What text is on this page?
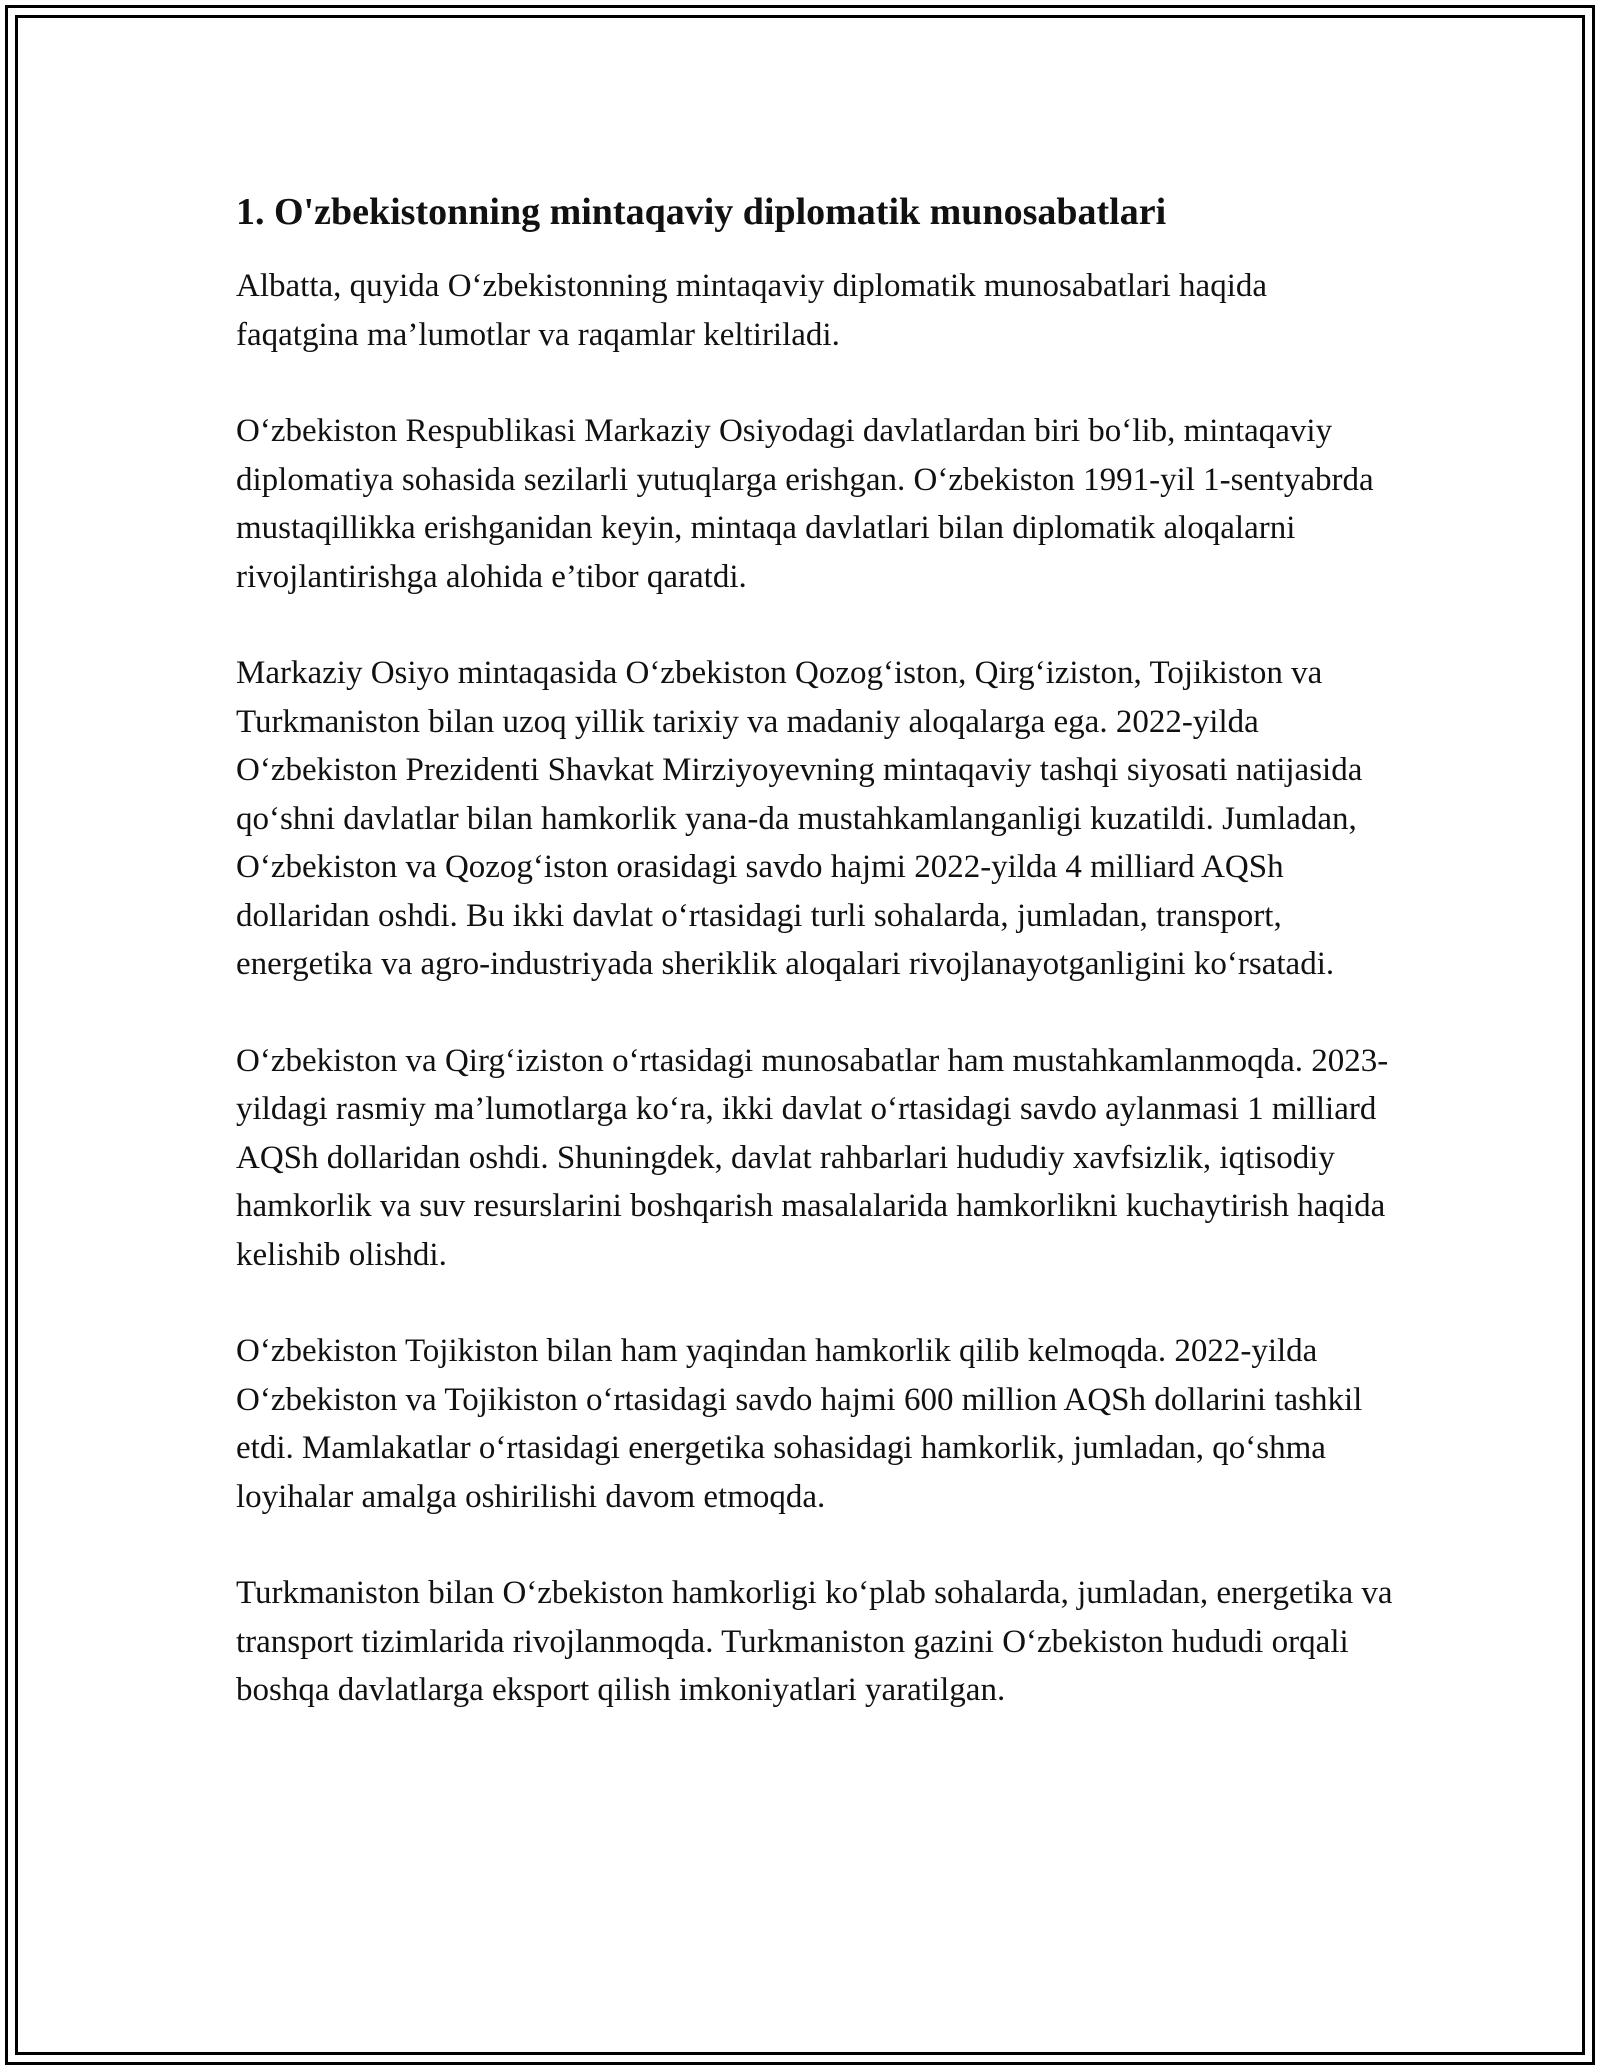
1. O'zbekistonning mintaqaviy diplomatik munosabatlari

Albatta, quyida O‘zbekistonning mintaqaviy diplomatik munosabatlari haqida faqatgina ma’lumotlar va raqamlar keltiriladi.

O‘zbekiston Respublikasi Markaziy Osiyodagi davlatlardan biri bo‘lib, mintaqaviy diplomatiya sohasida sezilarli yutuqlarga erishgan. O‘zbekiston 1991-yil 1-sentyabrda mustaqillikka erishganidan keyin, mintaqa davlatlari bilan diplomatik aloqalarni rivojlantirishga alohida e’tibor qaratdi.

Markaziy Osiyo mintaqasida O‘zbekiston Qozog‘iston, Qirg‘iziston, Tojikiston va Turkmaniston bilan uzoq yillik tarixiy va madaniy aloqalarga ega. 2022-yilda O‘zbekiston Prezidenti Shavkat Mirziyoyevning mintaqaviy tashqi siyosati natijasida qo‘shni davlatlar bilan hamkorlik yana-da mustahkamlanganligi kuzatildi. Jumladan, O‘zbekiston va Qozog‘iston orasidagi savdo hajmi 2022-yilda 4 milliard AQSh dollaridan oshdi. Bu ikki davlat o‘rtasidagi turli sohalarda, jumladan, transport, energetika va agro-industriyada sheriklik aloqalari rivojlanayotganligini ko‘rsatadi.

O‘zbekiston va Qirg‘iziston o‘rtasidagi munosabatlar ham mustahkamlanmoqda. 2023-yildagi rasmiy ma’lumotlarga ko‘ra, ikki davlat o‘rtasidagi savdo aylanmasi 1 milliard AQSh dollaridan oshdi. Shuningdek, davlat rahbarlari hududiy xavfsizlik, iqtisodiy hamkorlik va suv resurslarini boshqarish masalalarida hamkorlikni kuchaytirish haqida kelishib olishdi.

O‘zbekiston Tojikiston bilan ham yaqindan hamkorlik qilib kelmoqda. 2022-yilda O‘zbekiston va Tojikiston o‘rtasidagi savdo hajmi 600 million AQSh dollarini tashkil etdi. Mamlakatlar o‘rtasidagi energetika sohasidagi hamkorlik, jumladan, qo‘shma loyihalar amalga oshirilishi davom etmoqda.

Turkmaniston bilan O‘zbekiston hamkorligi ko‘plab sohalarda, jumladan, energetika va transport tizimlarida rivojlanmoqda. Turkmaniston gazini O‘zbekiston hududi orqali boshqa davlatlarga eksport qilish imkoniyatlari yaratilgan.
